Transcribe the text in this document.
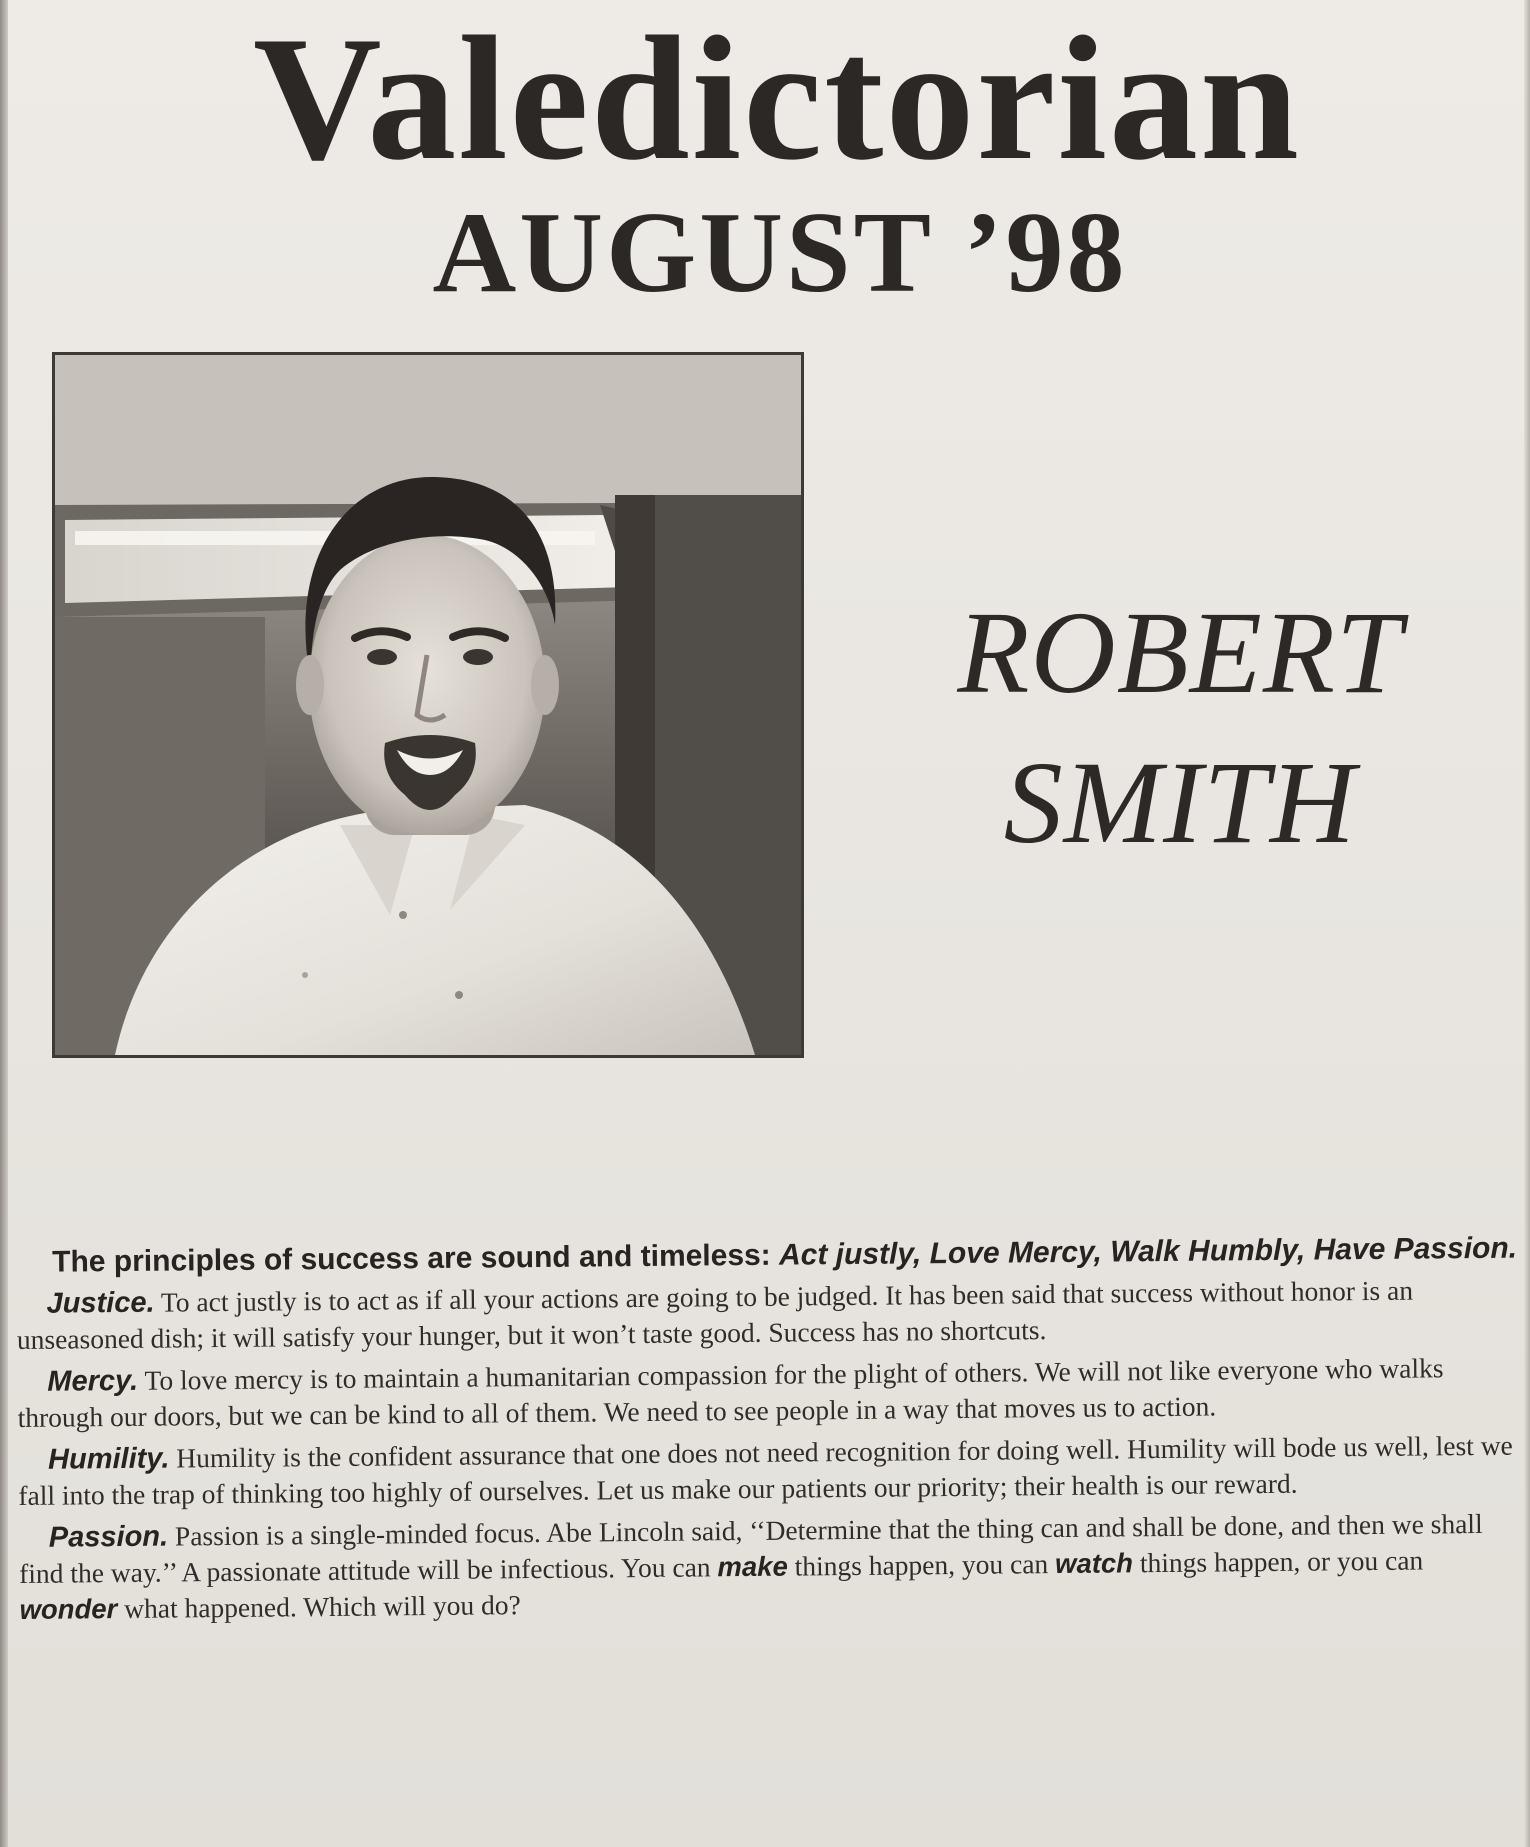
Valedictorian
AUGUST ’98
ROBERT
SMITH

The principles of success are sound and timeless: Act justly, Love Mercy, Walk Humbly, Have Passion.

Justice. To act justly is to act as if all your actions are going to be judged. It has been said that success without honor is an unseasoned dish; it will satisfy your hunger, but it won’t taste good. Success has no shortcuts.

Mercy. To love mercy is to maintain a humanitarian compassion for the plight of others. We will not like everyone who walks through our doors, but we can be kind to all of them. We need to see people in a way that moves us to action.

Humility. Humility is the confident assurance that one does not need recognition for doing well. Humility will bode us well, lest we fall into the trap of thinking too highly of ourselves. Let us make our patients our priority; their health is our reward.

Passion. Passion is a single-minded focus. Abe Lincoln said, ‘‘Determine that the thing can and shall be done, and then we shall find the way.’’ A passionate attitude will be infectious. You can make things happen, you can watch things happen, or you can wonder what happened. Which will you do?
